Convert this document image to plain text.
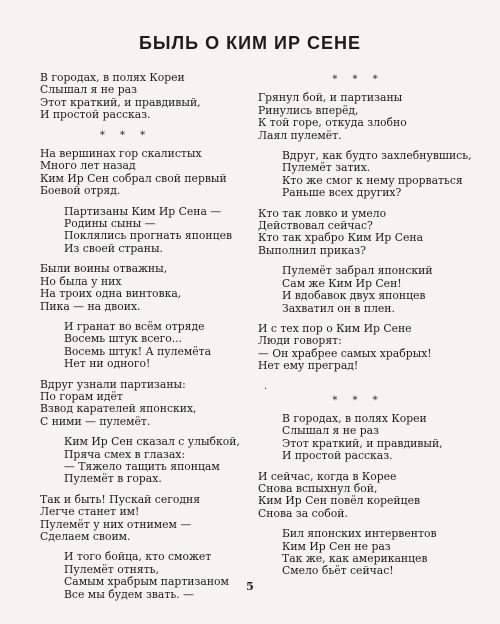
БЫЛЬ О КИМ ИР СЕНЕ
В городах, в полях Кореи
Слышал я не раз
Этот краткий, и правдивый,
И простой рассказ.
* * *
На вершинах гор скалистых
Много лет назад
Ким Ир Сен собрал свой первый
Боевой отряд.
Партизаны Ким Ир Сена —
Родины сыны —
Поклялись прогнать японцев
Из своей страны.
Были воины отважны,
Но была у них
На троих одна винтовка,
Пика — на двоих.
И гранат во всём отряде
Восемь штук всего...
Восемь штук! А пулемёта
Нет ни одного!
Вдруг узнали партизаны:
По горам идёт
Взвод карателей японских,
С ними — пулемёт.
Ким Ир Сен сказал с улыбкой,
Пряча смех в глазах:
— Тяжело тащить японцам
Пулемёт в горах.
Так и быть! Пускай сегодня
Легче станет им!
Пулемёт у них отнимем —
Сделаем своим.
И того бойца, кто сможет
Пулемёт отнять,
Самым храбрым партизаном
Все мы будем звать. —
* * *
Грянул бой, и партизаны
Ринулись вперёд,
К той горе, откуда злобно
Лаял пулемёт.
Вдруг, как будто захлебнувшись,
Пулемёт затих.
Кто же смог к нему прорваться
Раньше всех других?
Кто так ловко и умело
Действовал сейчас?
Кто так храбро Ким Ир Сена
Выполнил приказ?
Пулемёт забрал японский
Сам же Ким Ир Сен!
И вдобавок двух японцев
Захватил он в плен.
И с тех пор о Ким Ир Сене
Люди говорят:
— Он храбрее самых храбрых!
Нет ему преград!
.
* * *
В городах, в полях Кореи
Слышал я не раз
Этот краткий, и правдивый,
И простой рассказ.
И сейчас, когда в Корее
Снова вспыхнул бой,
Ким Ир Сен повёл корейцев
Снова за собой.
Бил японских интервентов
Ким Ир Сен не раз
Так же, как американцев
Смело бьёт сейчас!
5
